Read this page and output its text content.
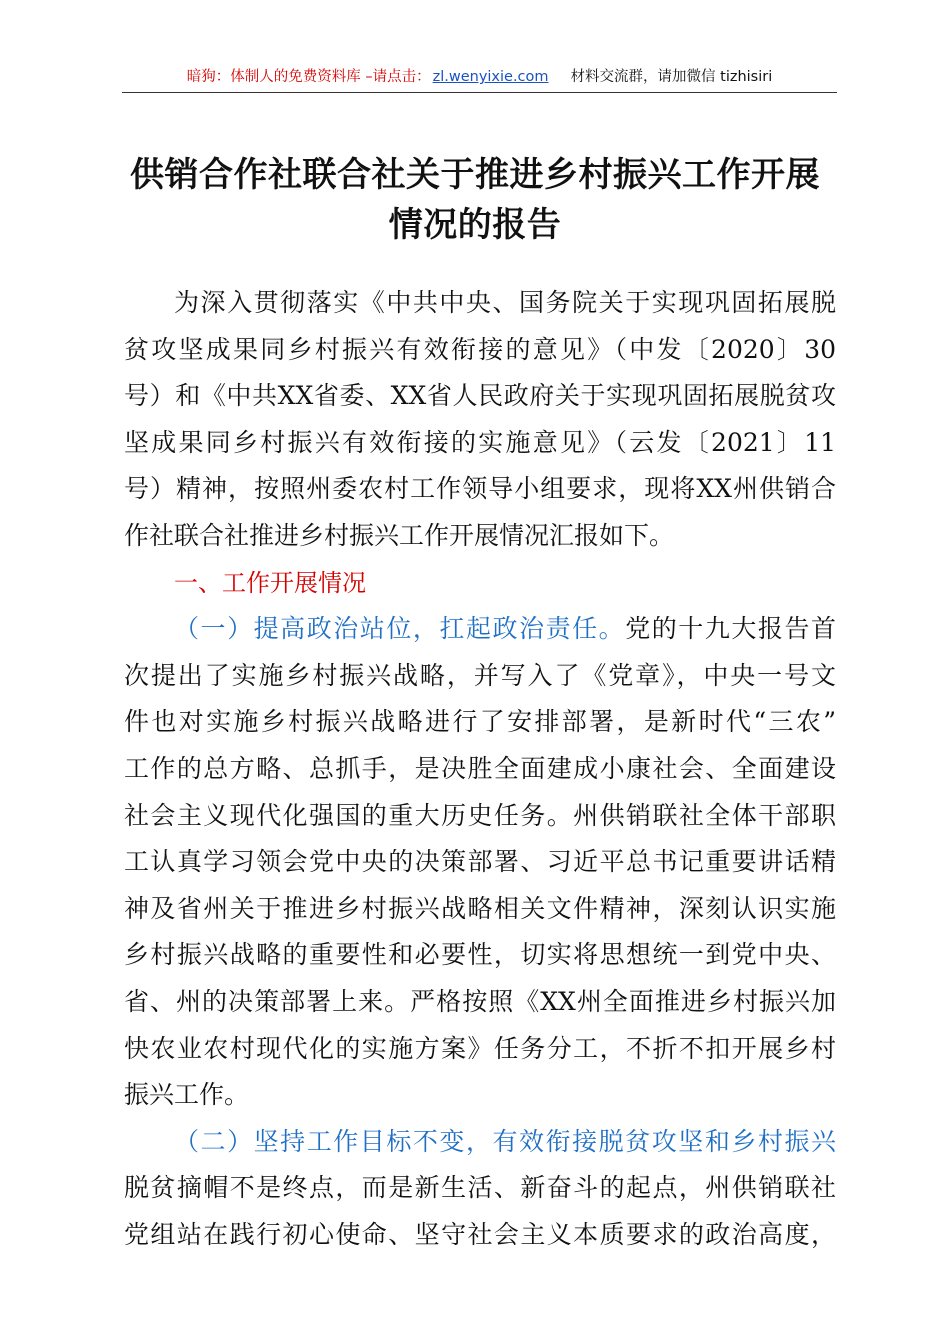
暗狗：体制人的免费资料库 –请点击： zl.wenyixie.com 材料交流群，请加微信 tizhisiri
供销合作社联合社关于推进乡村振兴工作开展
情况的报告
为深入贯彻落实《中共中央、国务院关于实现巩固拓展脱
贫攻坚成果同乡村振兴有效衔接的意见》（中发〔2020〕30
号）和《中共XX省委、XX省人民政府关于实现巩固拓展脱贫攻
坚成果同乡村振兴有效衔接的实施意见》（云发〔2021〕11
号）精神，按照州委农村工作领导小组要求，现将XX州供销合
作社联合社推进乡村振兴工作开展情况汇报如下。
一、工作开展情况
（一）提高政治站位，扛起政治责任。党的十九大报告首
次提出了实施乡村振兴战略，并写入了《党章》，中央一号文
件也对实施乡村振兴战略进行了安排部署，是新时代“三农”
工作的总方略、总抓手，是决胜全面建成小康社会、全面建设
社会主义现代化强国的重大历史任务。州供销联社全体干部职
工认真学习领会党中央的决策部署、习近平总书记重要讲话精
神及省州关于推进乡村振兴战略相关文件精神，深刻认识实施
乡村振兴战略的重要性和必要性，切实将思想统一到党中央、
省、州的决策部署上来。严格按照《XX州全面推进乡村振兴加
快农业农村现代化的实施方案》任务分工，不折不扣开展乡村
振兴工作。
（二）坚持工作目标不变，有效衔接脱贫攻坚和乡村振兴
脱贫摘帽不是终点，而是新生活、新奋斗的起点，州供销联社
党组站在践行初心使命、坚守社会主义本质要求的政治高度，
